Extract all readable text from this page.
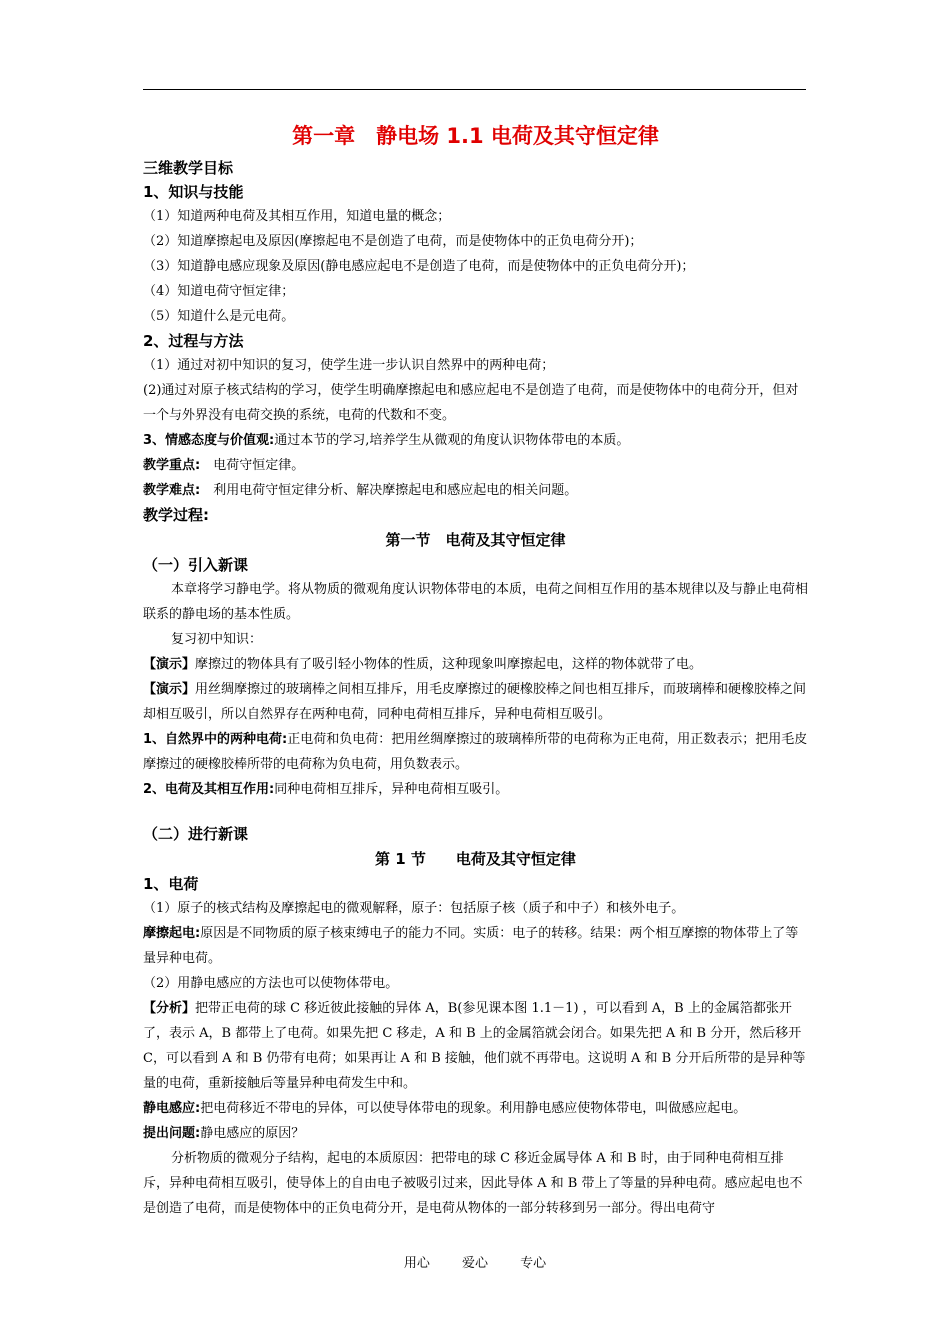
第一章　静电场 1.1 电荷及其守恒定律
三维教学目标
1、知识与技能
（1）知道两种电荷及其相互作用，知道电量的概念；
（2）知道摩擦起电及原因(摩擦起电不是创造了电荷，而是使物体中的正负电荷分开)；
（3）知道静电感应现象及原因(静电感应起电不是创造了电荷，而是使物体中的正负电荷分开)；
（4）知道电荷守恒定律；
（5）知道什么是元电荷。
2、过程与方法
（1）通过对初中知识的复习，使学生进一步认识自然界中的两种电荷；
(2)通过对原子核式结构的学习，使学生明确摩擦起电和感应起电不是创造了电荷，而是使物体中的电荷分开，但对一个与外界没有电荷交换的系统，电荷的代数和不变。
3、情感态度与价值观:通过本节的学习,培养学生从微观的角度认识物体带电的本质。
教学重点:　 电荷守恒定律。
教学难点:　 利用电荷守恒定律分析、解决摩擦起电和感应起电的相关问题。
教学过程:
第一节　电荷及其守恒定律
（一）引入新课
本章将学习静电学。将从物质的微观角度认识物体带电的本质，电荷之间相互作用的基本规律以及与静止电荷相联系的静电场的基本性质。
复习初中知识：
【演示】摩擦过的物体具有了吸引轻小物体的性质，这种现象叫摩擦起电，这样的物体就带了电。
【演示】用丝绸摩擦过的玻璃棒之间相互排斥，用毛皮摩擦过的硬橡胶棒之间也相互排斥，而玻璃棒和硬橡胶棒之间却相互吸引，所以自然界存在两种电荷，同种电荷相互排斥，异种电荷相互吸引。
1、自然界中的两种电荷:正电荷和负电荷：把用丝绸摩擦过的玻璃棒所带的电荷称为正电荷，用正数表示；把用毛皮摩擦过的硬橡胶棒所带的电荷称为负电荷，用负数表示。
2、电荷及其相互作用:同种电荷相互排斥，异种电荷相互吸引。
（二）进行新课
第 1 节　　电荷及其守恒定律
1、电荷
（1）原子的核式结构及摩擦起电的微观解释，原子：包括原子核（质子和中子）和核外电子。
摩擦起电:原因是不同物质的原子核束缚电子的能力不同。实质：电子的转移。结果：两个相互摩擦的物体带上了等量异种电荷。
（2）用静电感应的方法也可以使物体带电。
【分析】把带正电荷的球 C 移近彼此接触的异体 A，B(参见课本图 1.1－1) ，可以看到 A，B 上的金属箔都张开了，表示 A，B 都带上了电荷。如果先把 C 移走，A 和 B 上的金属箔就会闭合。如果先把 A 和 B 分开，然后移开 C，可以看到 A 和 B 仍带有电荷；如果再让 A 和 B 接触，他们就不再带电。这说明 A 和 B 分开后所带的是异种等量的电荷，重新接触后等量异种电荷发生中和。
静电感应:把电荷移近不带电的异体，可以使导体带电的现象。利用静电感应使物体带电，叫做感应起电。
提出问题:静电感应的原因？
分析物质的微观分子结构，起电的本质原因：把带电的球 C 移近金属导体 A 和 B 时，由于同种电荷相互排斥，异种电荷相互吸引，使导体上的自由电子被吸引过来，因此导体 A 和 B 带上了等量的异种电荷。感应起电也不是创造了电荷，而是使物体中的正负电荷分开，是电荷从物体的一部分转移到另一部分。得出电荷守
用心 爱心 专心
